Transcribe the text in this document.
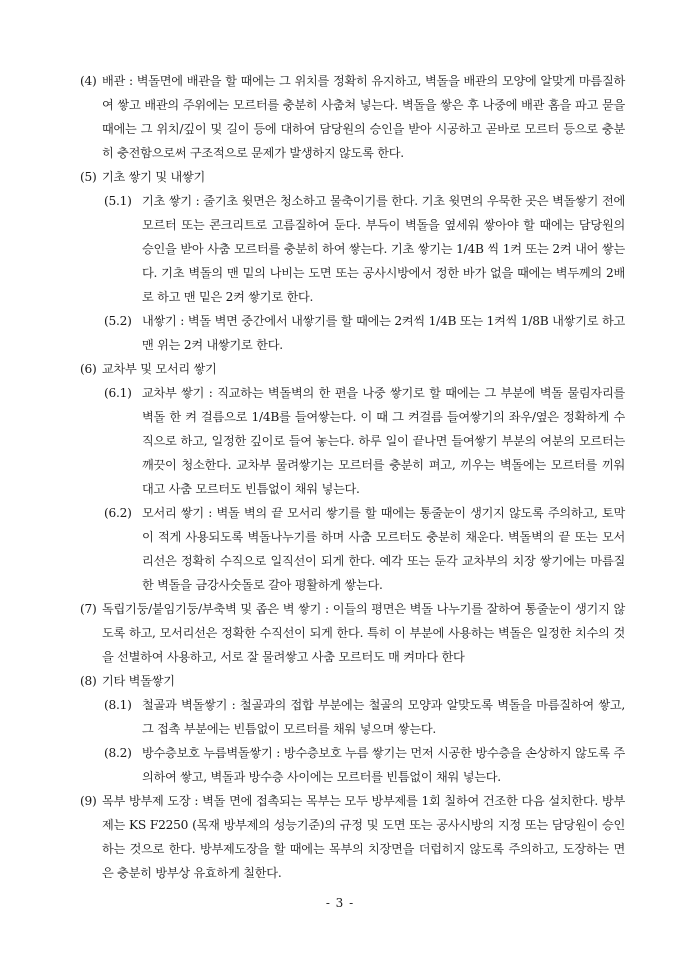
(4) 배관 : 벽돌면에 배관을 할 때에는 그 위치를 정확히 유지하고, 벽돌을 배관의 모양에 알맞게 마름질하여 쌓고 배관의 주위에는 모르터를 충분히 사춤쳐 넣는다. 벽돌을 쌓은 후 나중에 배관 홈을 파고 묻을 때에는 그 위치/깊이 및 길이 등에 대하여 담당원의 승인을 받아 시공하고 곧바로 모르터 등으로 충분히 충전함으로써 구조적으로 문제가 발생하지 않도록 한다.
(5) 기초 쌓기 및 내쌓기
(5.1) 기초 쌓기 : 줄기초 윗면은 청소하고 물축이기를 한다. 기초 윗면의 우묵한 곳은 벽돌쌓기 전에 모르터 또는 콘크리트로 고름질하여 둔다. 부득이 벽돌을 옆세워 쌓아야 할 때에는 담당원의 승인을 받아 사춤 모르터를 충분히 하여 쌓는다. 기초 쌓기는 1/4B 씩 1켜 또는 2켜 내어 쌓는다. 기초 벽돌의 맨 밑의 나비는 도면 또는 공사시방에서 정한 바가 없을 때에는 벽두께의 2배로 하고 맨 밑은 2켜 쌓기로 한다.
(5.2) 내쌓기 : 벽돌 벽면 중간에서 내쌓기를 할 때에는 2켜씩 1/4B 또는 1켜씩 1/8B 내쌓기로 하고 맨 위는 2켜 내쌓기로 한다.
(6) 교차부 및 모서리 쌓기
(6.1) 교차부 쌓기 : 직교하는 벽돌벽의 한 편을 나중 쌓기로 할 때에는 그 부분에 벽돌 물림자리를 벽돌 한 켜 걸름으로 1/4B를 들여쌓는다. 이 때 그 켜걸름 들여쌓기의 좌우/옆은 정확하게 수직으로 하고, 일정한 깊이로 들여 놓는다. 하루 일이 끝나면 들여쌓기 부분의 여분의 모르터는 깨끗이 청소한다. 교차부 물려쌓기는 모르터를 충분히 펴고, 끼우는 벽돌에는 모르터를 끼워 대고 사춤 모르터도 빈틈없이 채워 넣는다.
(6.2) 모서리 쌓기 : 벽돌 벽의 끝 모서리 쌓기를 할 때에는 통줄눈이 생기지 않도록 주의하고, 토막이 적게 사용되도록 벽돌나누기를 하며 사춤 모르터도 충분히 채운다. 벽돌벽의 끝 또는 모서리선은 정확히 수직으로 일직선이 되게 한다. 예각 또는 둔각 교차부의 치장 쌓기에는 마름질한 벽돌을 금강사숫돌로 갈아 평활하게 쌓는다.
(7) 독립기둥/붙임기둥/부축벽 및 좁은 벽 쌓기 : 이들의 평면은 벽돌 나누기를 잘하여 통줄눈이 생기지 않도록 하고, 모서리선은 정확한 수직선이 되게 한다. 특히 이 부분에 사용하는 벽돌은 일정한 치수의 것을 선별하여 사용하고, 서로 잘 물려쌓고 사춤 모르터도 매 켜마다 한다
(8) 기타 벽돌쌓기
(8.1) 철골과 벽돌쌓기 : 철골과의 접합 부분에는 철골의 모양과 알맞도록 벽돌을 마름질하여 쌓고, 그 접촉 부분에는 빈틈없이 모르터를 채워 넣으며 쌓는다.
(8.2) 방수층보호 누름벽돌쌓기 : 방수층보호 누름 쌓기는 먼저 시공한 방수층을 손상하지 않도록 주의하여 쌓고, 벽돌과 방수층 사이에는 모르터를 빈틈없이 채워 넣는다.
(9) 목부 방부제 도장 : 벽돌 면에 접촉되는 목부는 모두 방부제를 1회 칠하여 건조한 다음 설치한다. 방부제는 KS F2250 (목재 방부제의 성능기준)의 규정 및 도면 또는 공사시방의 지정 또는 담당원이 승인하는 것으로 한다. 방부제도장을 할 때에는 목부의 치장면을 더럽히지 않도록 주의하고, 도장하는 면은 충분히 방부상 유효하게 칠한다.
- 3 -
